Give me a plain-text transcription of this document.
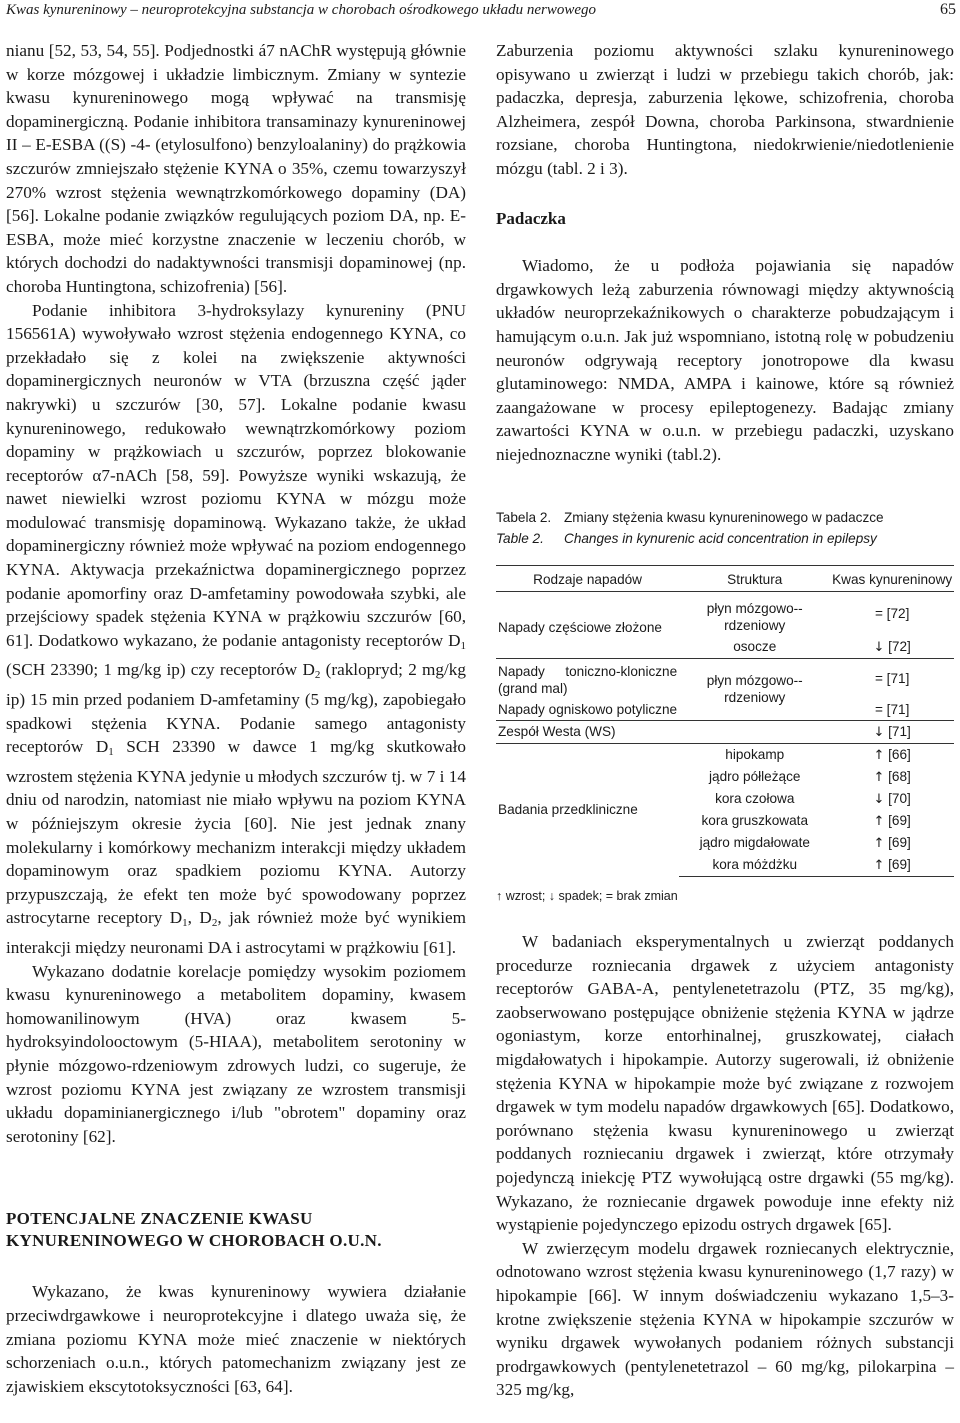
Kwas kynureninowy – neuroprotekcyjna substancja w chorobach ośrodkowego układu nerwowego	65

nianu [52, 53, 54, 55]. Podjednostki á7 nAChR występują głównie w korze mózgowej i układzie limbicznym. Zmiany w syntezie kwasu kynureninowego mogą wpływać na transmisję dopaminergiczną. Podanie inhibitora transaminazy kynureninowej II – E-ESBA ((S) -4- (etylosulfono) benzyloalaniny) do prążkowia szczurów zmniejszało stężenie KYNA o 35%, czemu towarzyszył 270% wzrost stężenia wewnątrzkomórkowego dopaminy (DA) [56]. Lokalne podanie związków regulujących poziom DA, np. E-ESBA, może mieć korzystne znaczenie w leczeniu chorób, w których dochodzi do nadaktywności transmisji dopaminowej (np. choroba Huntingtona, schizofrenia) [56].

Podanie inhibitora 3-hydroksylazy kynureniny (PNU 156561A) wywoływało wzrost stężenia endogennego KYNA, co przekładało się z kolei na zwiększenie aktywności dopaminergicznych neuronów w VTA (brzuszna część jąder nakrywki) u szczurów [30, 57]. Lokalne podanie kwasu kynureninowego, redukowało wewnątrzkomórkowy poziom dopaminy w prążkowiach u szczurów, poprzez blokowanie receptorów α7-nACh [58, 59]. Powyższe wyniki wskazują, że nawet niewielki wzrost poziomu KYNA w mózgu może modulować transmisję dopaminową. Wykazano także, że układ dopaminergiczny również może wpływać na poziom endogennego KYNA. Aktywacja przekaźnictwa dopaminergicznego poprzez podanie apomorfiny oraz D-amfetaminy powodowała szybki, ale przejściowy spadek stężenia KYNA w prążkowiu szczurów [60, 61]. Dodatkowo wykazano, że podanie antagonisty receptorów $D_1$ (SCH 23390; 1 mg/kg ip) czy receptorów $D_2$ (raklopryd; 2 mg/kg ip) 15 min przed podaniem D-amfetaminy (5 mg/kg), zapobiegało spadkowi stężenia KYNA. Podanie samego antagonisty receptorów $D_1$ SCH 23390 w dawce 1 mg/kg skutkowało wzrostem stężenia KYNA jedynie u młodych szczurów tj. w 7 i 14 dniu od narodzin, natomiast nie miało wpływu na poziom KYNA w późniejszym okresie życia [60]. Nie jest jednak znany molekularny i komórkowy mechanizm interakcji między układem dopaminowym oraz spadkiem poziomu KYNA. Autorzy przypuszczają, że efekt ten może być spowodowany poprzez astrocytarne receptory $D_1$, $D_2$, jak również może być wynikiem interakcji między neuronami DA i astrocytami w prążkowiu [61].

Wykazano dodatnie korelacje pomiędzy wysokim poziomem kwasu kynureninowego a metabolitem dopaminy, kwasem homowanilinowym (HVA) oraz kwasem 5-hydroksyindolooctowym (5-HIAA), metabolitem serotoniny w płynie mózgowo-rdzeniowym zdrowych ludzi, co sugeruje, że wzrost poziomu KYNA jest związany ze wzrostem transmisji układu dopaminianergicznego i/lub "obrotem" dopaminy oraz serotoniny [62].

POTENCJALNE ZNACZENIE KWASU KYNURENINOWEGO W CHOROBACH O.U.N.

Wykazano, że kwas kynureninowy wywiera działanie przeciwdrgawkowe i neuroprotekcyjne i dlatego uważa się, że zmiana poziomu KYNA może mieć znaczenie w niektórych schorzeniach o.u.n., których patomechanizm związany jest ze zjawiskiem ekscytotoksyczności [63, 64].

Zaburzenia poziomu aktywności szlaku kynureninowego opisywano u zwierząt i ludzi w przebiegu takich chorób, jak: padaczka, depresja, zaburzenia lękowe, schizofrenia, choroba Alzheimera, zespół Downa, choroba Parkinsona, stwardnienie rozsiane, choroba Huntingtona, niedokrwienie/niedotlenienie mózgu (tabl. 2 i 3).

Padaczka

Wiadomo, że u podłoża pojawiania się napadów drgawkowych leżą zaburzenia równowagi między aktywnością układów neuroprzekaźnikowych o charakterze pobudzającym i hamującym o.u.n. Jak już wspomniano, istotną rolę w pobudzeniu neuronów odgrywają receptory jonotropowe dla kwasu glutaminowego: NMDA, AMPA i kainowe, które są również zaangażowane w procesy epileptogenezy. Badając zmiany zawartości KYNA w o.u.n. w przebiegu padaczki, uzyskano niejednoznaczne wyniki (tabl.2).

Tabela 2. Zmiany stężenia kwasu kynureninowego w padaczce
Table 2. Changes in kynurenic acid concentration in epilepsy
Rodzaje napadów	Struktura	Kwas kynureninowy
Napady częściowe złożone	płyn mózgowo--rdzeniowy	= [72]
	osocze	↓ [72]
Napady toniczno-kloniczne (grand mal)	płyn mózgowo--rdzeniowy	= [71]
Napady ogniskowo potyliczne		= [71]
Zespół Westa (WS)		↓ [71]
Badania przedkliniczne	hipokamp	↑ [66]
	jądro półleżące	↑ [68]
	kora czołowa	↓ [70]
	kora gruszkowata	↑ [69]
	jądro migdałowate	↑ [69]
	kora móżdżku	↑ [69]
↑ wzrost; ↓ spadek; = brak zmian

W badaniach eksperymentalnych u zwierząt poddanych procedurze rozniecania drgawek z użyciem antagonisty receptorów GABA-A, pentylenetetrazolu (PTZ, 35 mg/kg), zaobserwowano postępujące obniżenie stężenia KYNA w jądrze ogoniastym, korze entorhinalnej, gruszkowatej, ciałach migdałowatych i hipokampie. Autorzy sugerowali, iż obniżenie stężenia KYNA w hipokampie może być związane z rozwojem drgawek w tym modelu napadów drgawkowych [65]. Dodatkowo, porównano stężenia kwasu kynureninowego u zwierząt poddanych rozniecaniu drgawek i zwierząt, które otrzymały pojedynczą iniekcję PTZ wywołującą ostre drgawki (55 mg/kg). Wykazano, że rozniecanie drgawek powoduje inne efekty niż wystąpienie pojedynczego epizodu ostrych drgawek [65].

W zwierzęcym modelu drgawek rozniecanych elektrycznie, odnotowano wzrost stężenia kwasu kynureninowego (1,7 razy) w hipokampie [66]. W innym doświadczeniu wykazano 1,5–3-krotne zwiększenie stężenia KYNA w hipokampie szczurów w wyniku drgawek wywołanych podaniem różnych substancji prodrgawkowych (pentylenetetrazol – 60 mg/kg, pilokarpina – 325 mg/kg,
